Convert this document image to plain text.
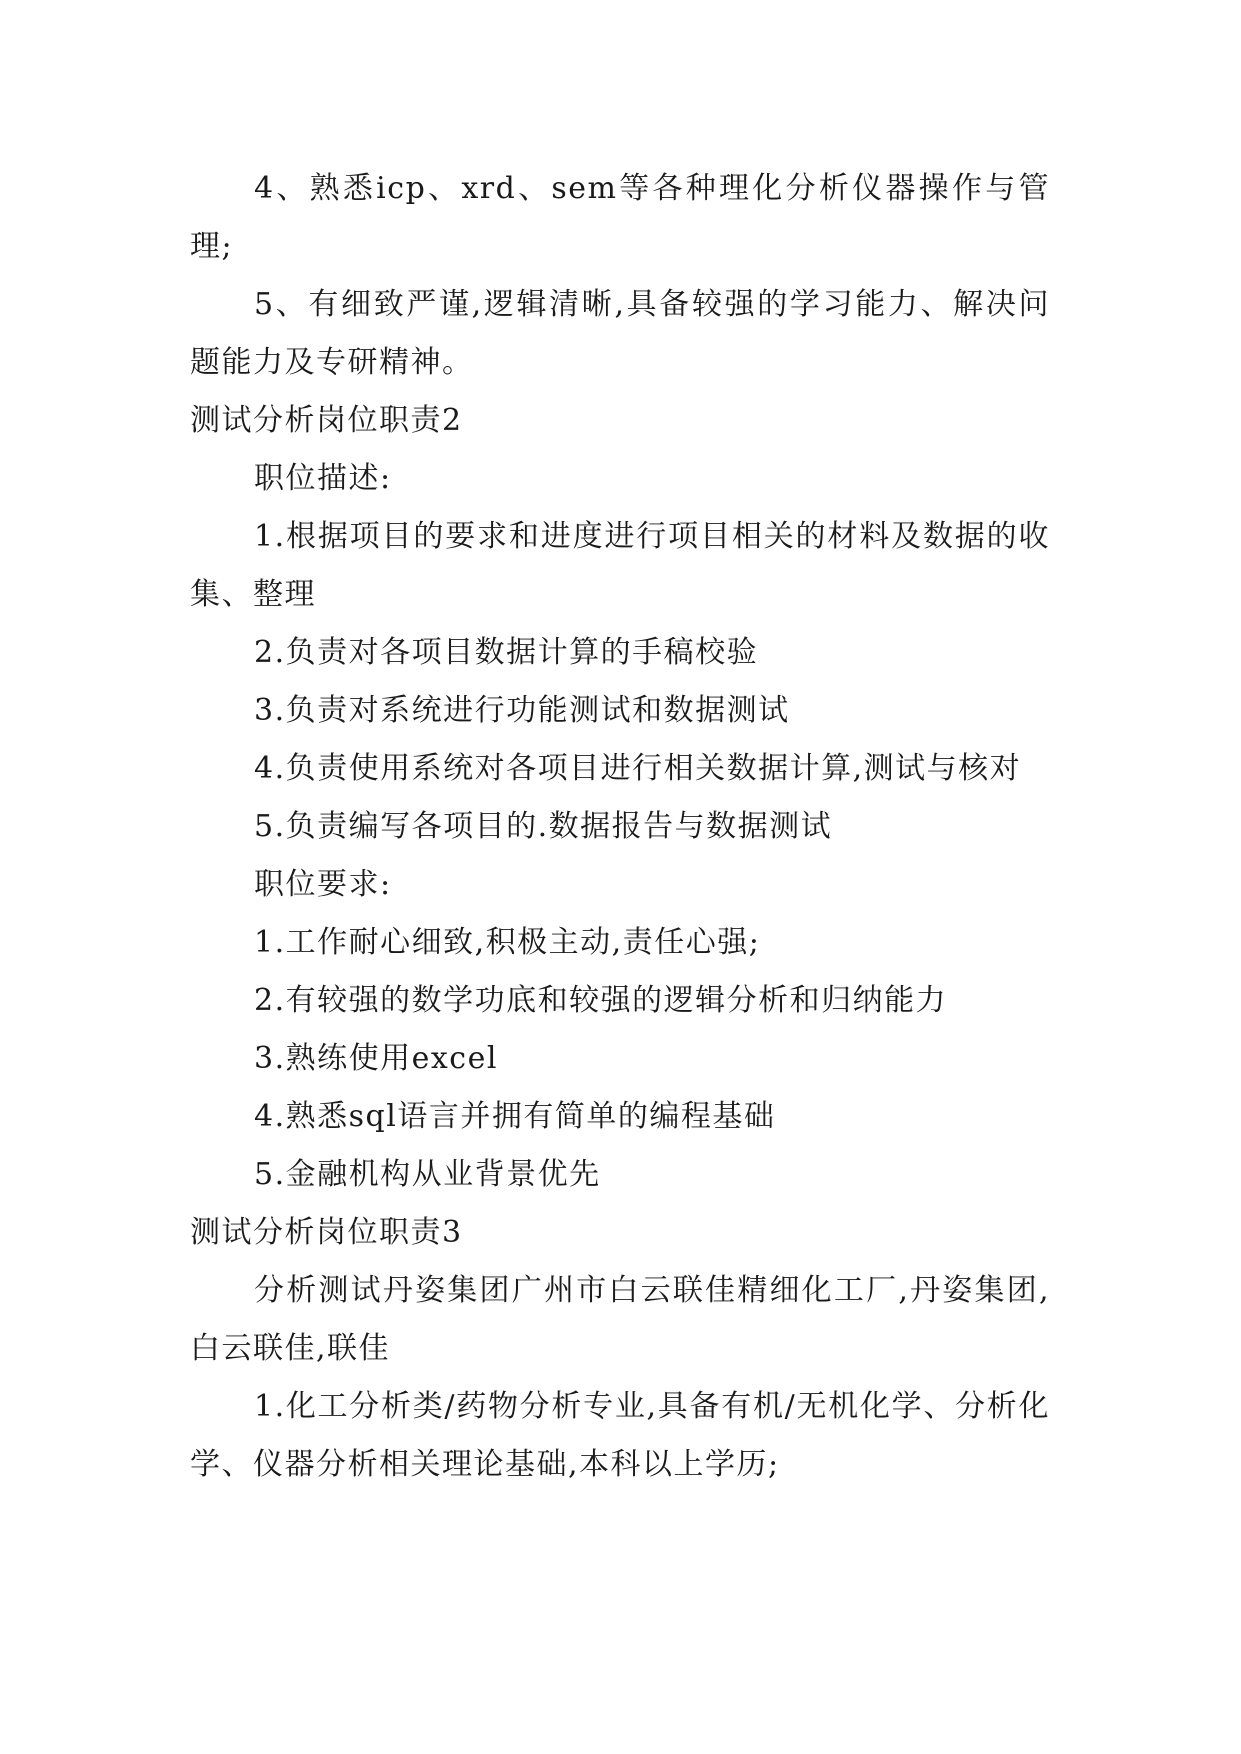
4、熟悉icp、xrd、sem等各种理化分析仪器操作与管理;

5、有细致严谨,逻辑清晰,具备较强的学习能力、解决问题能力及专研精神。

测试分析岗位职责2

职位描述:

1.根据项目的要求和进度进行项目相关的材料及数据的收集、整理

2.负责对各项目数据计算的手稿校验

3.负责对系统进行功能测试和数据测试

4.负责使用系统对各项目进行相关数据计算,测试与核对

5.负责编写各项目的.数据报告与数据测试

职位要求:

1.工作耐心细致,积极主动,责任心强;

2.有较强的数学功底和较强的逻辑分析和归纳能力

3.熟练使用excel

4.熟悉sql语言并拥有简单的编程基础

5.金融机构从业背景优先

测试分析岗位职责3

分析测试丹姿集团广州市白云联佳精细化工厂,丹姿集团,白云联佳,联佳

1.化工分析类/药物分析专业,具备有机/无机化学、分析化学、仪器分析相关理论基础,本科以上学历;
